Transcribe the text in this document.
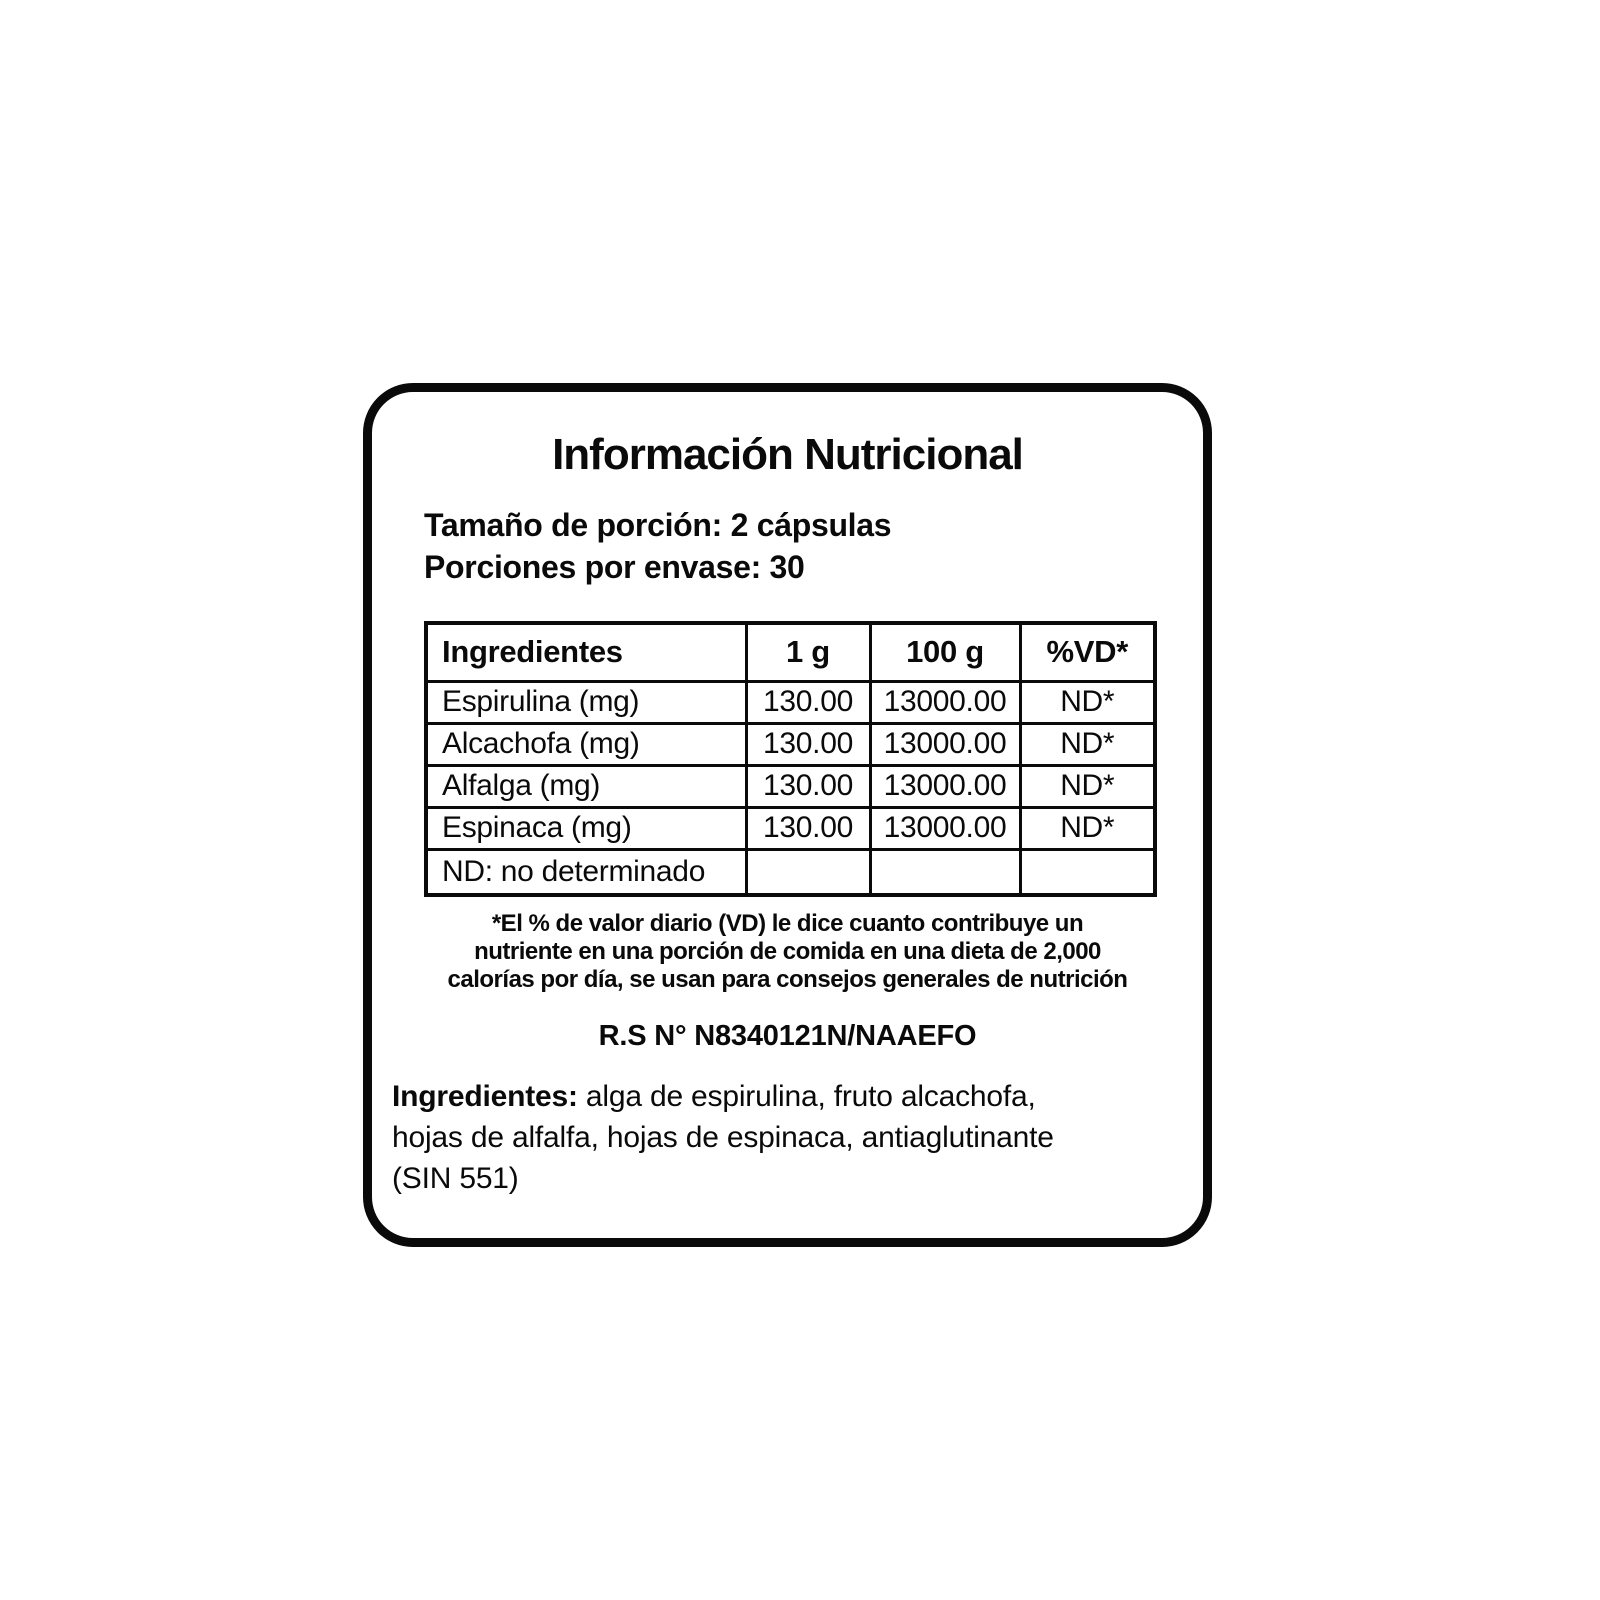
Información Nutricional
Tamaño de porción: 2 cápsulas
Porciones por envase: 30
Ingredientes	1 g	100 g	%VD*
Espirulina (mg)	130.00	13000.00	ND*
Alcachofa (mg)	130.00	13000.00	ND*
Alfalga (mg)	130.00	13000.00	ND*
Espinaca (mg)	130.00	13000.00	ND*
ND: no determinado			
*El % de valor diario (VD) le dice cuanto contribuye un
nutriente en una porción de comida en una dieta de 2,000
calorías por día, se usan para consejos generales de nutrición
R.S N° N8340121N/NAAEFO
Ingredientes: alga de espirulina, fruto alcachofa,
hojas de alfalfa, hojas de espinaca, antiaglutinante
(SIN 551)
